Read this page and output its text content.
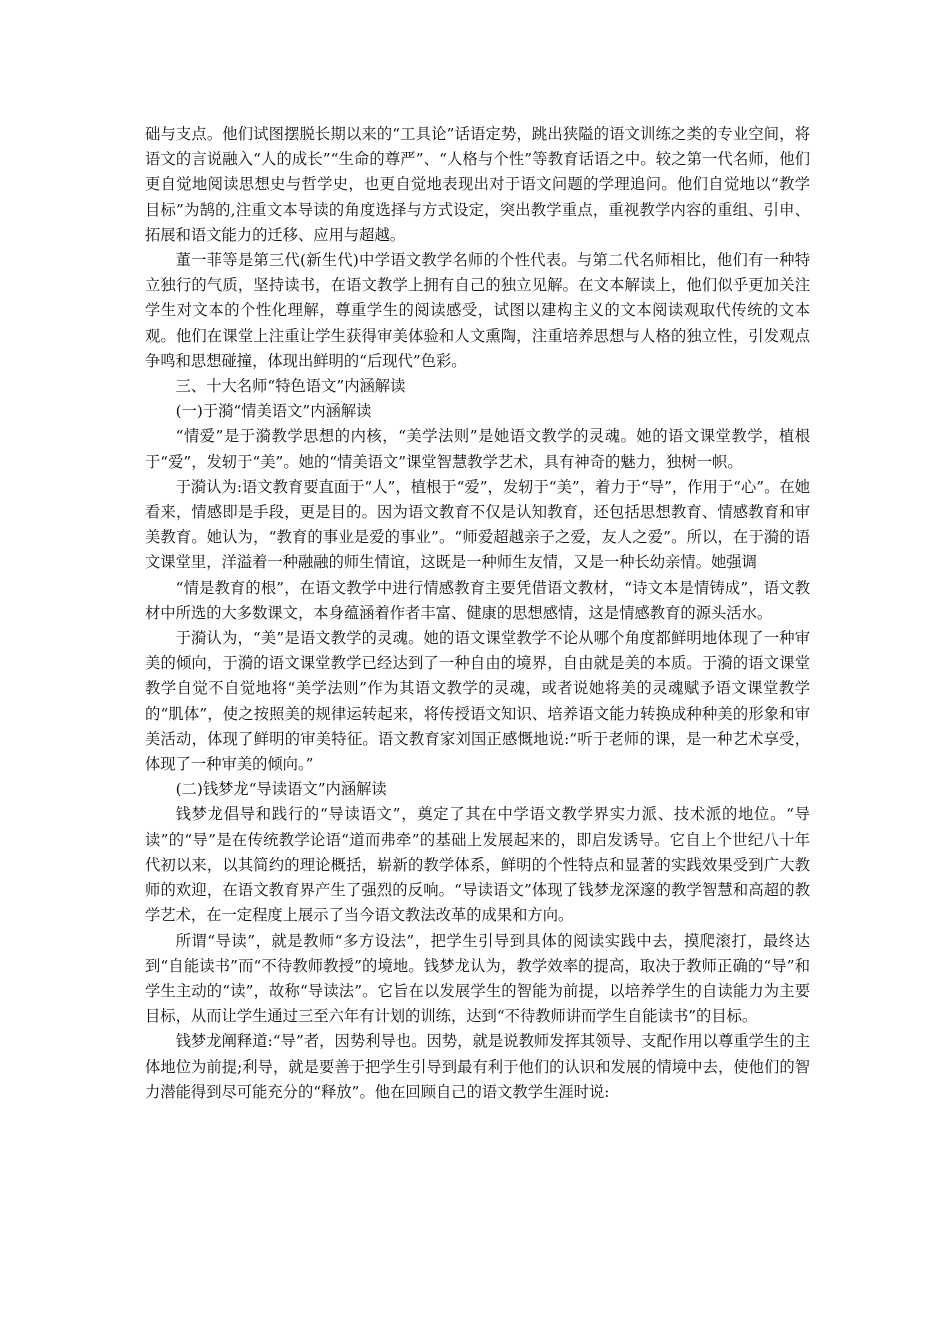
础与支点。他们试图摆脱长期以来的“工具论”话语定势，跳出狭隘的语文训练之类的专业空间，将语文的言说融入“人的成长”“生命的尊严”、“人格与个性”等教育话语之中。较之第一代名师，他们更自觉地阅读思想史与哲学史，也更自觉地表现出对于语文问题的学理追问。他们自觉地以“教学目标”为鹄的,注重文本导读的角度选择与方式设定，突出教学重点，重视教学内容的重组、引申、拓展和语文能力的迁移、应用与超越。

董一菲等是第三代(新生代)中学语文教学名师的个性代表。与第二代名师相比，他们有一种特立独行的气质，坚持读书，在语文教学上拥有自己的独立见解。在文本解读上，他们似乎更加关注学生对文本的个性化理解，尊重学生的阅读感受，试图以建构主义的文本阅读观取代传统的文本观。他们在课堂上注重让学生获得审美体验和人文熏陶，注重培养思想与人格的独立性，引发观点争鸣和思想碰撞，体现出鲜明的“后现代”色彩。

三、十大名师“特色语文”内涵解读

(一)于漪“情美语文”内涵解读

“情爱”是于漪教学思想的内核，“美学法则”是她语文教学的灵魂。她的语文课堂教学，植根于“爱”，发轫于“美”。她的“情美语文”课堂智慧教学艺术，具有神奇的魅力，独树一帜。

于漪认为:语文教育要直面于“人”，植根于“爱”，发轫于“美”，着力于“导”，作用于“心”。在她看来，情感即是手段，更是目的。因为语文教育不仅是认知教育，还包括思想教育、情感教育和审美教育。她认为，“教育的事业是爱的事业”。“师爱超越亲子之爱，友人之爱”。所以，在于漪的语文课堂里，洋溢着一种融融的师生情谊，这既是一种师生友情，又是一种长幼亲情。她强调

“情是教育的根”，在语文教学中进行情感教育主要凭借语文教材，“诗文本是情铸成”，语文教材中所选的大多数课文，本身蕴涵着作者丰富、健康的思想感情，这是情感教育的源头活水。

于漪认为，“美”是语文教学的灵魂。她的语文课堂教学不论从哪个角度都鲜明地体现了一种审美的倾向，于漪的语文课堂教学已经达到了一种自由的境界，自由就是美的本质。于漪的语文课堂教学自觉不自觉地将“美学法则”作为其语文教学的灵魂，或者说她将美的灵魂赋予语文课堂教学的“肌体”，使之按照美的规律运转起来，将传授语文知识、培养语文能力转换成种种美的形象和审美活动，体现了鲜明的审美特征。语文教育家刘国正感慨地说:“听于老师的课，是一种艺术享受，体现了一种审美的倾向。”

(二)钱梦龙“导读语文”内涵解读

钱梦龙倡导和践行的“导读语文”，奠定了其在中学语文教学界实力派、技术派的地位。“导读”的“导”是在传统教学论语“道而弗牵”的基础上发展起来的，即启发诱导。它自上个世纪八十年代初以来，以其简约的理论概括，崭新的教学体系，鲜明的个性特点和显著的实践效果受到广大教师的欢迎，在语文教育界产生了强烈的反响。“导读语文”体现了钱梦龙深邃的教学智慧和高超的教学艺术，在一定程度上展示了当今语文教法改革的成果和方向。

所谓“导读”，就是教师“多方设法”，把学生引导到具体的阅读实践中去，摸爬滚打，最终达到“自能读书”而“不待教师教授”的境地。钱梦龙认为，教学效率的提高，取决于教师正确的“导”和学生主动的“读”，故称“导读法”。它旨在以发展学生的智能为前提，以培养学生的自读能力为主要目标，从而让学生通过三至六年有计划的训练，达到“不待教师讲而学生自能读书”的目标。

钱梦龙阐释道:“导”者，因势利导也。因势，就是说教师发挥其领导、支配作用以尊重学生的主体地位为前提;利导，就是要善于把学生引导到最有利于他们的认识和发展的情境中去，使他们的智力潜能得到尽可能充分的“释放”。他在回顾自己的语文教学生涯时说:
